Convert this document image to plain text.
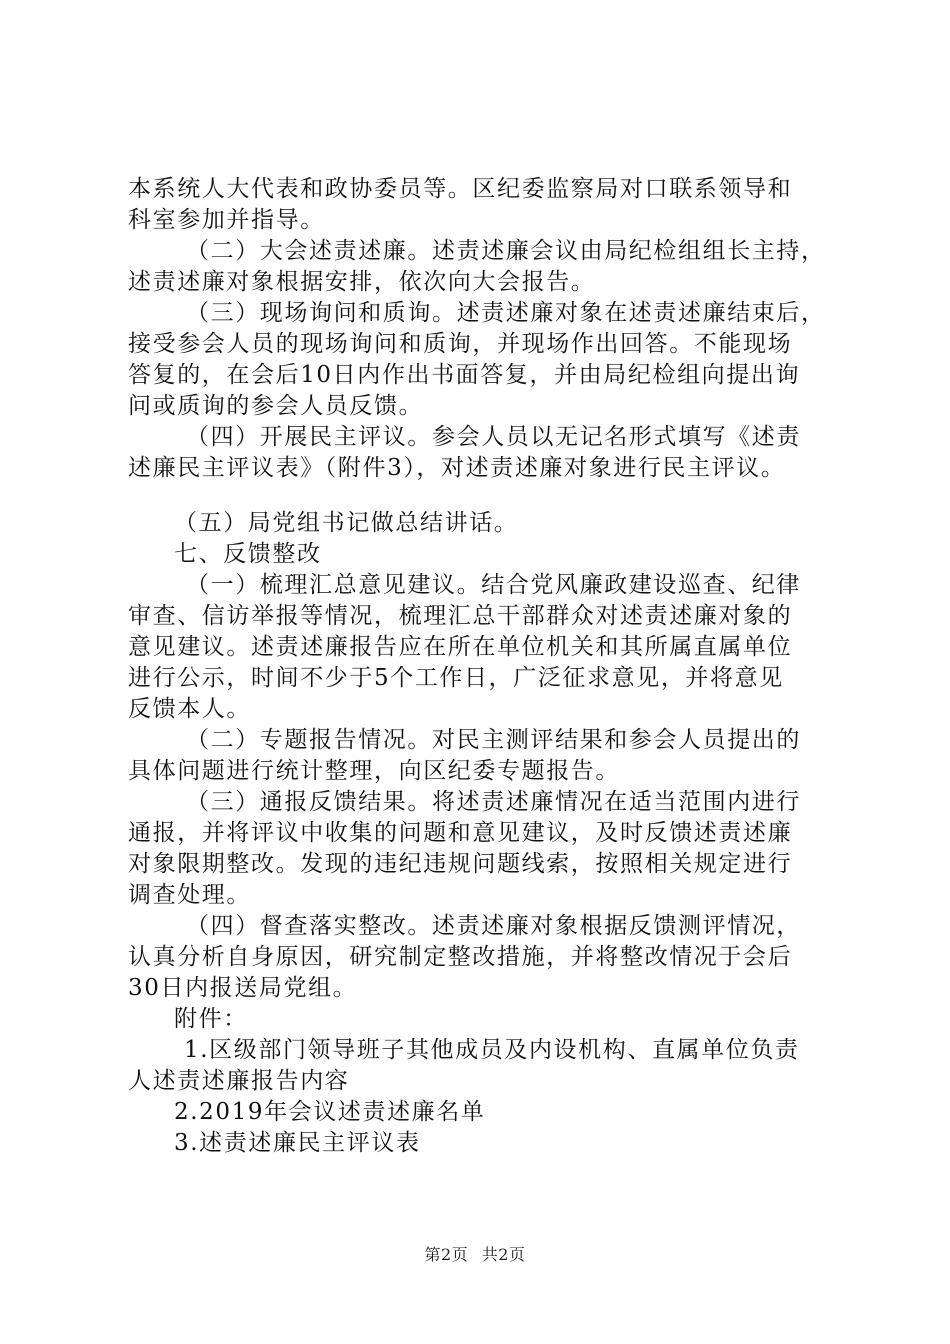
本系统人大代表和政协委员等。区纪委监察局对口联系领导和
科室参加并指导。
（二）大会述责述廉。述责述廉会议由局纪检组组长主持，
述责述廉对象根据安排，依次向大会报告。
（三）现场询问和质询。述责述廉对象在述责述廉结束后，
接受参会人员的现场询问和质询，并现场作出回答。不能现场
答复的，在会后10日内作出书面答复，并由局纪检组向提出询
问或质询的参会人员反馈。
（四）开展民主评议。参会人员以无记名形式填写《述责
述廉民主评议表》（附件3），对述责述廉对象进行民主评议。
（五）局党组书记做总结讲话。
七、反馈整改
（一）梳理汇总意见建议。结合党风廉政建设巡查、纪律
审查、信访举报等情况，梳理汇总干部群众对述责述廉对象的
意见建议。述责述廉报告应在所在单位机关和其所属直属单位
进行公示，时间不少于5个工作日，广泛征求意见，并将意见
反馈本人。
（二）专题报告情况。对民主测评结果和参会人员提出的
具体问题进行统计整理，向区纪委专题报告。
（三）通报反馈结果。将述责述廉情况在适当范围内进行
通报，并将评议中收集的问题和意见建议，及时反馈述责述廉
对象限期整改。发现的违纪违规问题线索，按照相关规定进行
调查处理。
（四）督查落实整改。述责述廉对象根据反馈测评情况，
认真分析自身原因，研究制定整改措施，并将整改情况于会后
30日内报送局党组。
附件：
1.区级部门领导班子其他成员及内设机构、直属单位负责
人述责述廉报告内容
2.2019年会议述责述廉名单
3.述责述廉民主评议表
第2页 共2页
